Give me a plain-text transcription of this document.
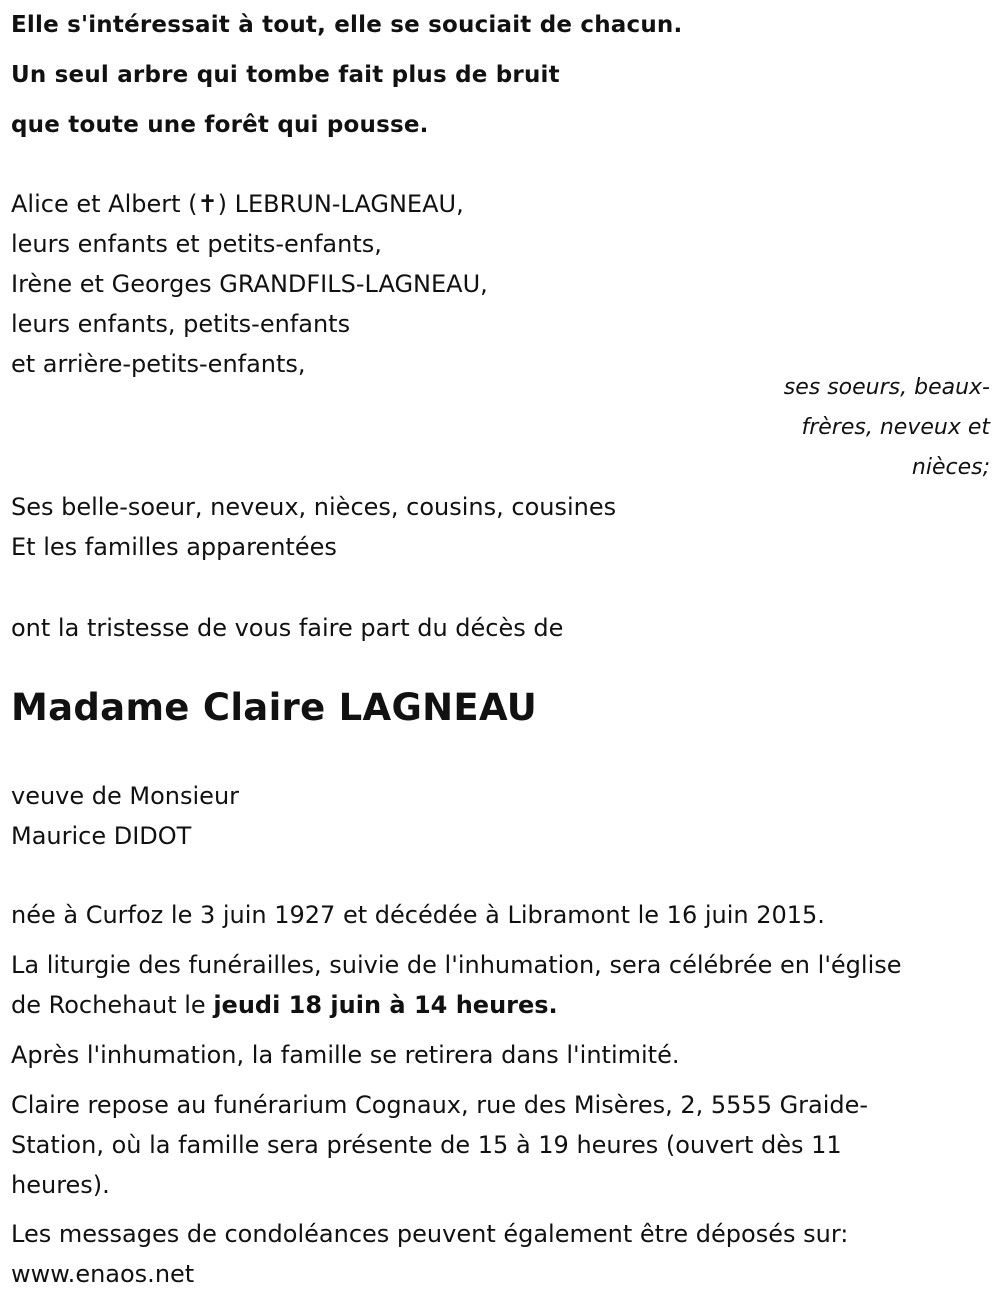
Elle s'intéressait à tout, elle se souciait de chacun.
Un seul arbre qui tombe fait plus de bruit
que toute une forêt qui pousse.
Alice et Albert (✝) LEBRUN-LAGNEAU,
leurs enfants et petits-enfants,
Irène et Georges GRANDFILS-LAGNEAU,
leurs enfants, petits-enfants
et arrière-petits-enfants,
ses soeurs, beaux-
frères, neveux et
nièces;
Ses belle-soeur, neveux, nièces, cousins, cousines
Et les familles apparentées
ont la tristesse de vous faire part du décès de
Madame Claire LAGNEAU
veuve de Monsieur
Maurice DIDOT
née à Curfoz le 3 juin 1927 et décédée à Libramont le 16 juin 2015.
La liturgie des funérailles, suivie de l'inhumation, sera célébrée en l'église
de Rochehaut le jeudi 18 juin à 14 heures.
Après l'inhumation, la famille se retirera dans l'intimité.
Claire repose au funérarium Cognaux, rue des Misères, 2, 5555 Graide-
Station, où la famille sera présente de 15 à 19 heures (ouvert dès 11
heures).
Les messages de condoléances peuvent également être déposés sur:
www.enaos.net
